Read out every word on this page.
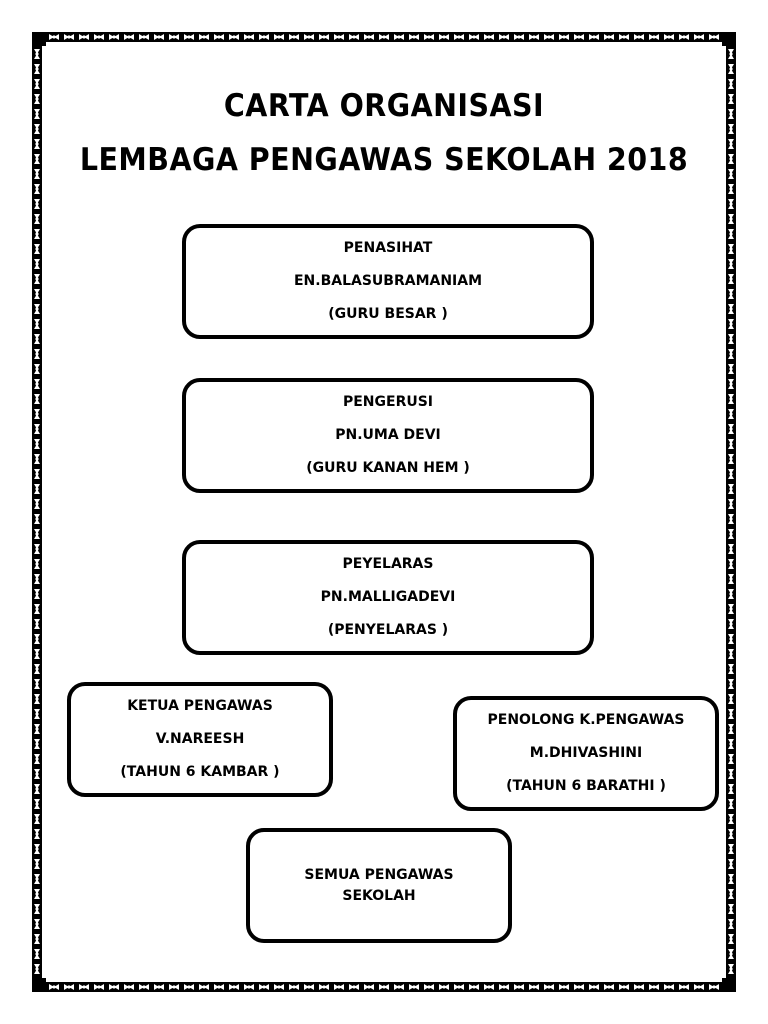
CARTA ORGANISASI
LEMBAGA PENGAWAS SEKOLAH 2018
PENASIHAT
EN.BALASUBRAMANIAM
(GURU BESAR )
PENGERUSI
PN.UMA DEVI
(GURU KANAN HEM )
PEYELARAS
PN.MALLIGADEVI
(PENYELARAS )
KETUA PENGAWAS
V.NAREESH
(TAHUN 6 KAMBAR )
PENOLONG K.PENGAWAS
M.DHIVASHINI
(TAHUN 6 BARATHI )
SEMUA PENGAWAS
SEKOLAH
